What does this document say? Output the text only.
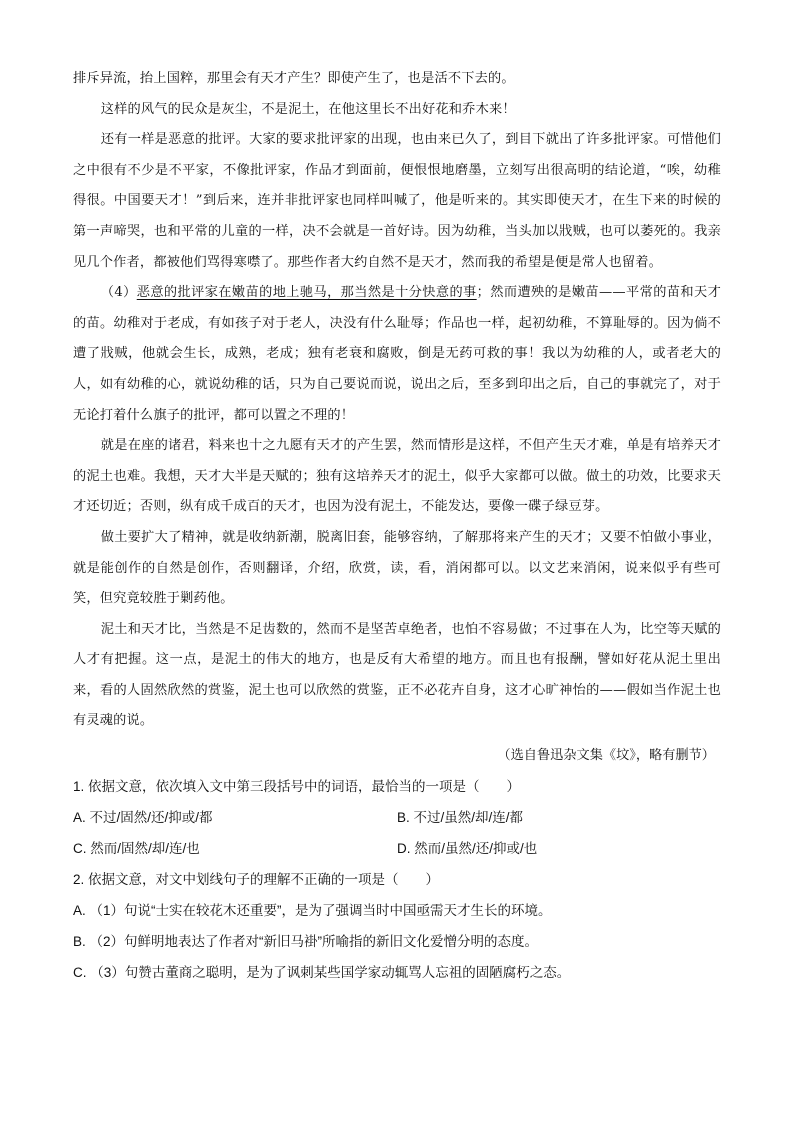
排斥异流，抬上国粹，那里会有天才产生？即使产生了，也是活不下去的。

这样的风气的民众是灰尘，不是泥土，在他这里长不出好花和乔木来！

还有一样是恶意的批评。大家的要求批评家的出现，也由来已久了，到目下就出了许多批评家。可惜他们之中很有不少是不平家，不像批评家，作品才到面前，便恨恨地磨墨，立刻写出很高明的结论道，“唉，幼稚得很。中国要天才！”到后来，连并非批评家也同样叫喊了，他是听来的。其实即使天才，在生下来的时候的第一声啼哭，也和平常的儿童的一样，决不会就是一首好诗。因为幼稚，当头加以戕贼，也可以萎死的。我亲见几个作者，都被他们骂得寒噤了。那些作者大约自然不是天才，然而我的希望是便是常人也留着。

（4）恶意的批评家在嫩苗的地上驰马，那当然是十分快意的事；然而遭殃的是嫩苗——平常的苗和天才的苗。幼稚对于老成，有如孩子对于老人，决没有什么耻辱；作品也一样，起初幼稚，不算耻辱的。因为倘不遭了戕贼，他就会生长，成熟，老成；独有老衰和腐败，倒是无药可救的事！我以为幼稚的人，或者老大的人，如有幼稚的心，就说幼稚的话，只为自己要说而说，说出之后，至多到印出之后，自己的事就完了，对于无论打着什么旗子的批评，都可以置之不理的！

就是在座的诸君，料来也十之九愿有天才的产生罢，然而情形是这样，不但产生天才难，单是有培养天才的泥土也难。我想，天才大半是天赋的；独有这培养天才的泥土，似乎大家都可以做。做土的功效，比要求天才还切近；否则，纵有成千成百的天才，也因为没有泥土，不能发达，要像一碟子绿豆芽。

做土要扩大了精神，就是收纳新潮，脱离旧套，能够容纳，了解那将来产生的天才；又要不怕做小事业，就是能创作的自然是创作，否则翻译，介绍，欣赏，读，看，消闲都可以。以文艺来消闲，说来似乎有些可笑，但究竟较胜于剿药他。

泥土和天才比，当然是不足齿数的，然而不是坚苦卓绝者，也怕不容易做；不过事在人为，比空等天赋的人才有把握。这一点，是泥土的伟大的地方，也是反有大希望的地方。而且也有报酬，譬如好花从泥土里出来，看的人固然欣然的赏鉴，泥土也可以欣然的赏鉴，正不必花卉自身，这才心旷神怡的——假如当作泥土也有灵魂的说。

（选自鲁迅杂文集《坟》，略有删节）

1. 依据文意，依次填入文中第三段括号中的词语，最恰当的一项是（　　）

A. 不过/固然/还/抑或/都	B. 不过/虽然/却/连/都
C. 然而/固然/却/连/也	D. 然而/虽然/还/抑或/也

2. 依据文意，对文中划线句子的理解不正确的一项是（　　）

A. （1）句说“士实在较花木还重要”，是为了强调当时中国亟需天才生长的环境。

B. （2）句鲜明地表达了作者对“新旧马褂”所喻指的新旧文化爱憎分明的态度。

C. （3）句赞古董商之聪明，是为了讽刺某些国学家动辄骂人忘祖的固陋腐朽之态。
